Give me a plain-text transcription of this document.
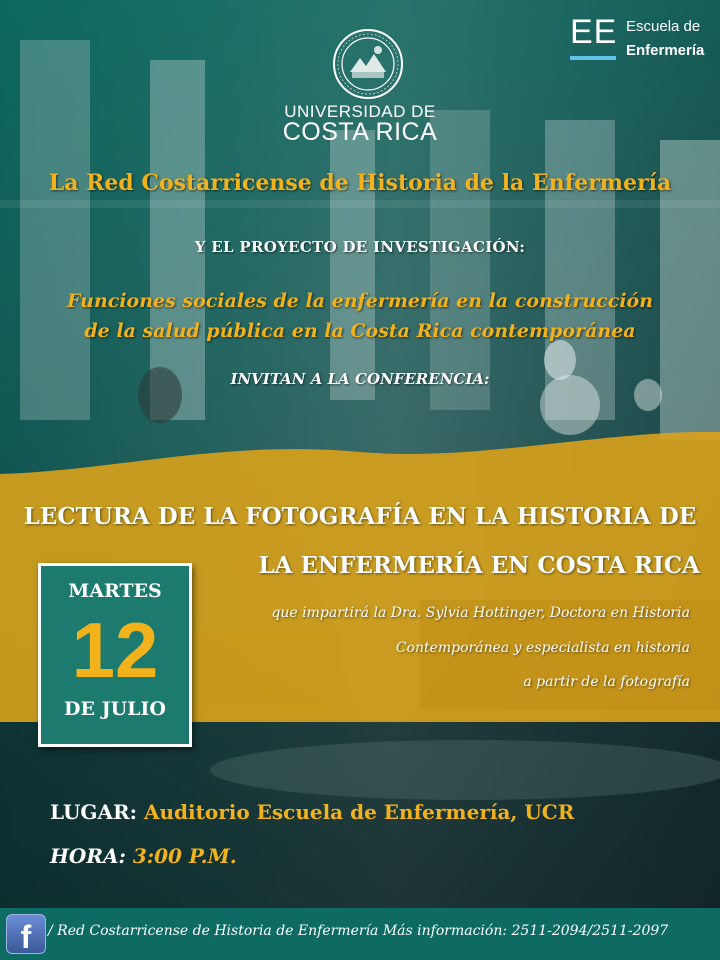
EE Escuela de
Enfermería
UNIVERSIDAD DE
COSTA RICA
La Red Costarricense de Historia de la Enfermería
Y EL PROYECTO DE INVESTIGACIÓN:
Funciones sociales de la enfermería en la construcción
de la salud pública en la Costa Rica contemporánea
INVITAN A LA CONFERENCIA:
LECTURA DE LA FOTOGRAFÍA EN LA HISTORIA DE
LA ENFERMERÍA EN COSTA RICA
que impartirá la Dra. Sylvia Hottinger, Doctora en Historia
Contemporánea y especialista en historia
a partir de la fotografía
MARTES
12
DE JULIO
LUGAR: Auditorio Escuela de Enfermería, UCR
HORA: 3:00 P.M.
f	/ Red Costarricense de Historia de Enfermería Más información: 2511-2094/2511-2097
